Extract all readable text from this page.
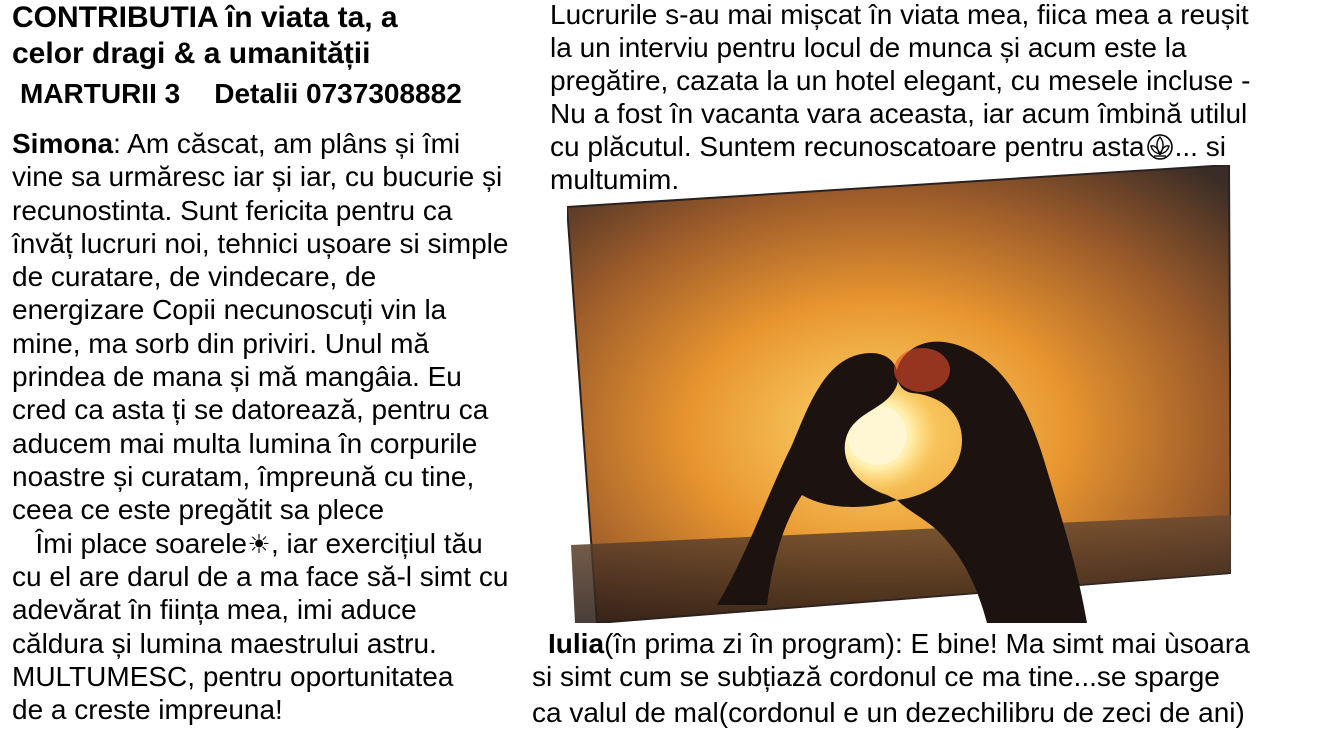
CONTRIBUTIA în viata ta, a
celor dragi & a umanității
MARTURII 3 Detalii 0737308882
Simona: Am căscat, am plâns și îmi
vine sa urmăresc iar și iar, cu bucurie și
recunostinta. Sunt fericita pentru ca
învăț lucruri noi, tehnici ușoare si simple
de curatare, de vindecare, de
energizare Copii necunoscuți vin la
mine, ma sorb din priviri. Unul mă
prindea de mana și mă mangâia. Eu
cred ca asta ți se datorează, pentru ca
aducem mai multa lumina în corpurile
noastre și curatam, împreună cu tine,
ceea ce este pregătit sa plece
Îmi place soarele☀, iar exercițiul tău
cu el are darul de a ma face să-l simt cu
adevărat în ființa mea, imi aduce
căldura și lumina maestrului astru.
MULTUMESC, pentru oportunitatea
de a creste impreuna!
Lucrurile s-au mai mișcat în viata mea, fiica mea a reușit
la un interviu pentru locul de munca și acum este la
pregătire, cazata la un hotel elegant, cu mesele incluse -
Nu a fost în vacanta vara aceasta, iar acum îmbină utilul
cu plăcutul. Suntem recunoscatoare pentru asta ... si
multumim.
Iulia(în prima zi în program): E bine! Ma simt mai ùsoara
si simt cum se subțiază cordonul ce ma tine...se sparge
ca valul de mal(cordonul e un dezechilibru de zeci de ani)
